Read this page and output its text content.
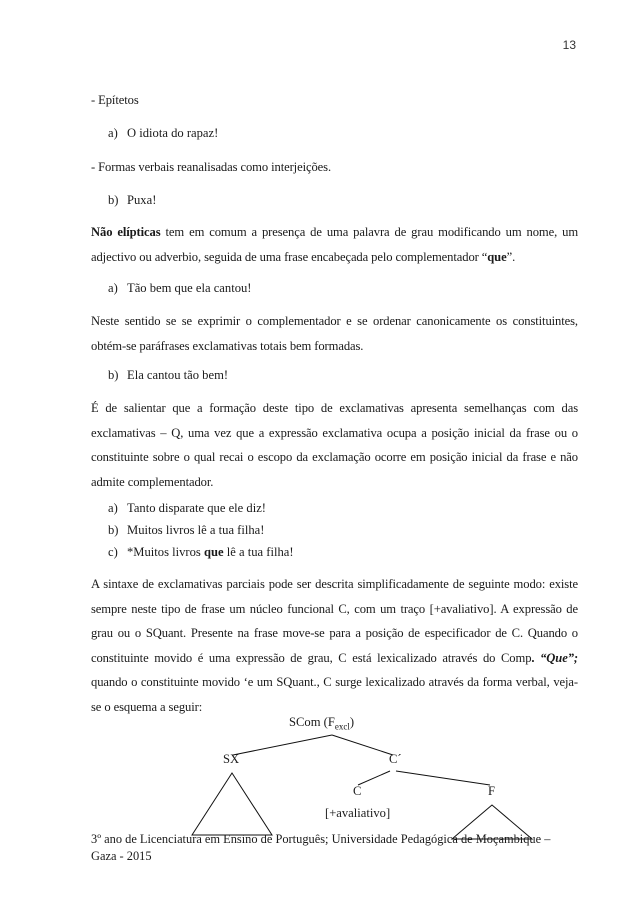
13
- Epítetos
a) O idiota do rapaz!
- Formas verbais reanalisadas como interjeições.
b) Puxa!
Não elípticas tem em comum a presença de uma palavra de grau modificando um nome, um adjectivo ou adverbio, seguida de uma frase encabeçada pelo complementador “que”.
a) Tão bem que ela cantou!
Neste sentido se se exprimir o complementador e se ordenar canonicamente os constituintes, obtém-se paráfrases exclamativas totais bem formadas.
b) Ela cantou tão bem!
É de salientar que a formação deste tipo de exclamativas apresenta semelhanças com das exclamativas – Q, uma vez que a expressão exclamativa ocupa a posição inicial da frase ou o constituinte sobre o qual recai o escopo da exclamação ocorre em posição inicial da frase e não admite complementador.
a) Tanto disparate que ele diz!
b) Muitos livros lê a tua filha!
c) *Muitos livros que lê a tua filha!
A sintaxe de exclamativas parciais pode ser descrita simplificadamente de seguinte modo: existe sempre neste tipo de frase um núcleo funcional C, com um traço [+avaliativo]. A expressão de grau ou o SQuant. Presente na frase move-se para a posição de especificador de C. Quando o constituinte movido é uma expressão de grau, C está lexicalizado através do Comp. “Que”; quando o constituinte movido ‘e um SQuant., C surge lexicalizado através da forma verbal, veja-se o esquema a seguir:
SCom $(F_{excl})$
SX	C´
C	F
[+avaliativo]
3º ano de Licenciatura em Ensino de Português; Universidade Pedagógica de Moçambique – Gaza - 2015
